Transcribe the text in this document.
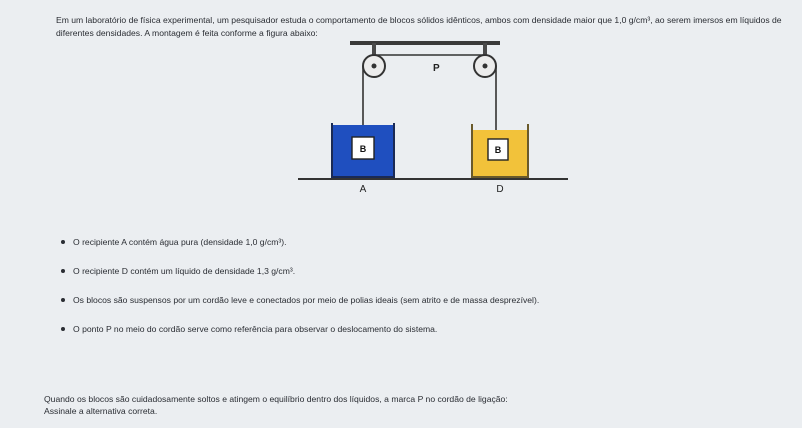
Em um laboratório de física experimental, um pesquisador estuda o comportamento de blocos sólidos idênticos, ambos com densidade maior que 1,0 g/cm³, ao serem imersos em líquidos de diferentes densidades. A montagem é feita conforme a figura abaixo:

P
B	B
A	D
O recipiente A contém água pura (densidade 1,0 g/cm³).
O recipiente D contém um líquido de densidade 1,3 g/cm³.
Os blocos são suspensos por um cordão leve e conectados por meio de polias ideais (sem atrito e de massa desprezível).
O ponto P no meio do cordão serve como referência para observar o deslocamento do sistema.
Quando os blocos são cuidadosamente soltos e atingem o equilíbrio dentro dos líquidos, a marca P no cordão de ligação:
Assinale a alternativa correta.
